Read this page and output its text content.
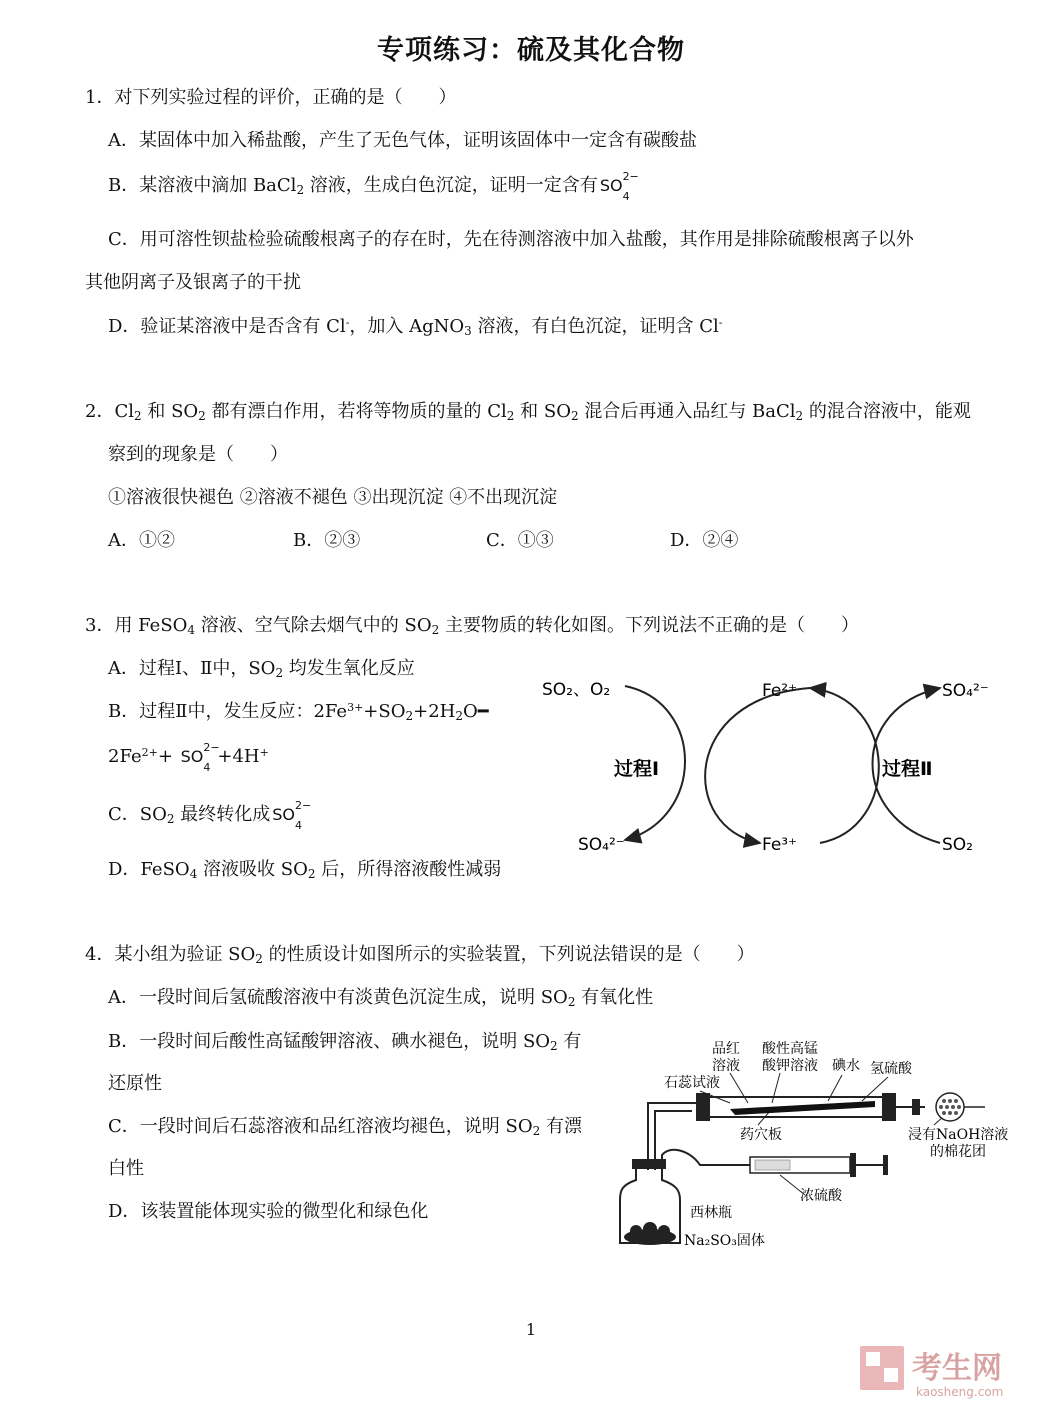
专项练习：硫及其化合物
1．对下列实验过程的评价，正确的是（　　）
A．某固体中加入稀盐酸，产生了无色气体，证明该固体中一定含有碳酸盐
B．某溶液中滴加 BaCl$_2$ 溶液，生成白色沉淀，证明一定含有 SO 2−
4
C．用可溶性钡盐检验硫酸根离子的存在时，先在待测溶液中加入盐酸，其作用是排除硫酸根离子以外
其他阴离子及银离子的干扰
D．验证某溶液中是否含有 Cl-，加入 AgNO$_3$ 溶液，有白色沉淀，证明含 Cl-
2．$Cl_2$ 和 $SO_2$ 都有漂白作用，若将等物质的量的 $Cl_2$ 和 $SO_2$ 混合后再通入品红与 BaCl$_2$ 的混合溶液中，能观
察到的现象是（　　）
①溶液很快褪色 ②溶液不褪色 ③出现沉淀 ④不出现沉淀
A．①②	B．②③	C．①③	D．②④
3．用 FeSO$_4$ 溶液、空气除去烟气中的 $SO_2$ 主要物质的转化如图。下列说法不正确的是（　　）
A．过程Ⅰ、Ⅱ中，$SO_2$ 均发生氧化反应
B．过程Ⅱ中，发生反应：$2Fe^{3+}+SO_2+2H_2O━$
$2Fe^{2+}+$ SO 2−
4
+4H+
C．$SO_2$ 最终转化成 SO 2−
4
D．FeSO$_4$ 溶液吸收 $SO_2$ 后，所得溶液酸性减弱
SO₂、O₂
SO₄²⁻
Fe²⁺
Fe³⁺
SO₄²⁻
SO₂
过程Ⅰ	过程Ⅱ
4．某小组为验证 $SO_2$ 的性质设计如图所示的实验装置，下列说法错误的是（　　）
A．一段时间后氢硫酸溶液中有淡黄色沉淀生成，说明 $SO_2$ 有氧化性
B．一段时间后酸性高锰酸钾溶液、碘水褪色，说明 $SO_2$ 有
还原性
C．一段时间后石蕊溶液和品红溶液均褪色，说明 $SO_2$ 有漂
白性
D．该装置能体现实验的微型化和绿色化
品红
溶液
酸性高锰
酸钾溶液 碘水 氢硫酸
石蕊试液
药穴板	浸有NaOH溶液
的棉花团
浓硫酸
西林瓶
Na₂SO₃固体
1
考生网
kaosheng.com
